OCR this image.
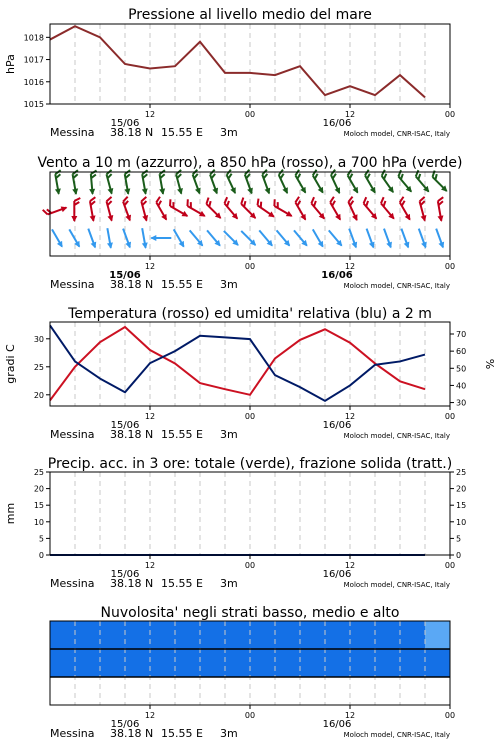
Pressione al livello medio del mare
1015
1016
1017
1018
hPa
12	00	12	00
15/06	16/06
Messina 38.18 N 15.55 E 3m	Moloch model, CNR-ISAC, Italy
Vento a 10 m (azzurro), a 850 hPa (rosso), a 700 hPa (verde)
12	00	12	00
15/06	16/06
Messina 38.18 N 15.55 E 3m	Moloch model, CNR-ISAC, Italy
Temperatura (rosso) ed umidita' relativa (blu) a 2 m
20
25
30
30
40
50
60
70
gradi C	%
12	00	12	00
15/06	16/06
Messina 38.18 N 15.55 E 3m	Moloch model, CNR-ISAC, Italy
Precip. acc. in 3 ore: totale (verde), frazione solida (tratt.)
0
5
10
15
20
25
0
5
10
15
20
25
mm
12	00	12	00
15/06	16/06
Messina 38.18 N 15.55 E 3m	Moloch model, CNR-ISAC, Italy
Nuvolosita' negli strati basso, medio e alto
12	00	12	00
15/06	16/06
Messina 38.18 N 15.55 E 3m	Moloch model, CNR-ISAC, Italy
